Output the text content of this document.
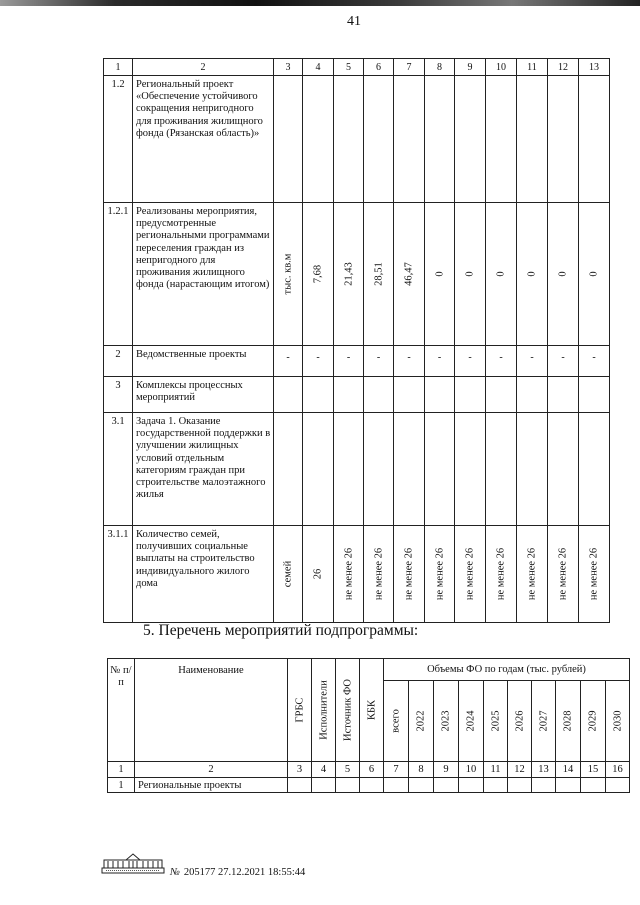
41
1	2	3	4	5	6	7	8	9	10	11	12	13
1.2	Региональный проект «Обеспечение устойчивого сокращения непригодного для проживания жилищного фонда (Рязанская область)»											
1.2.1	Реализованы мероприятия, предусмотренные региональными программами переселения граждан из непригодного для проживания жилищного фонда (нарастающим итогом)	тыс. кв.м	7,68	21,43	28,51	46,47	0	0	0	0	0	0

2	Ведомственные проекты	-	-	-	-	-	-	-	-	-	-	-

3	Комплексы процессных мероприятий											
3.1	Задача 1. Оказание государственной поддержки в улучшении жилищных условий отдельным категориям граждан при строительстве малоэтажного жилья											
3.1.1	Количество семей, получивших социальные выплаты на строительство индивидуального жилого дома	семей	26	не менее 26	не менее 26	не менее 26	не менее 26	не менее 26	не менее 26	не менее 26	не менее 26	не менее 26
5. Перечень мероприятий подпрограммы:
№ п/п	Наименование	ГРБС	Исполнители	Источник ФО	КБК	Объемы ФО по годам (тыс. рублей)									

						всего	2022	2023	2024	2025	2026	2027	2028	2029	2030

1	2	3	4	5	6	7	8	9	10	11	12	13	14	15	16
1	Региональные проекты														
№ 205177 27.12.2021 18:55:44
